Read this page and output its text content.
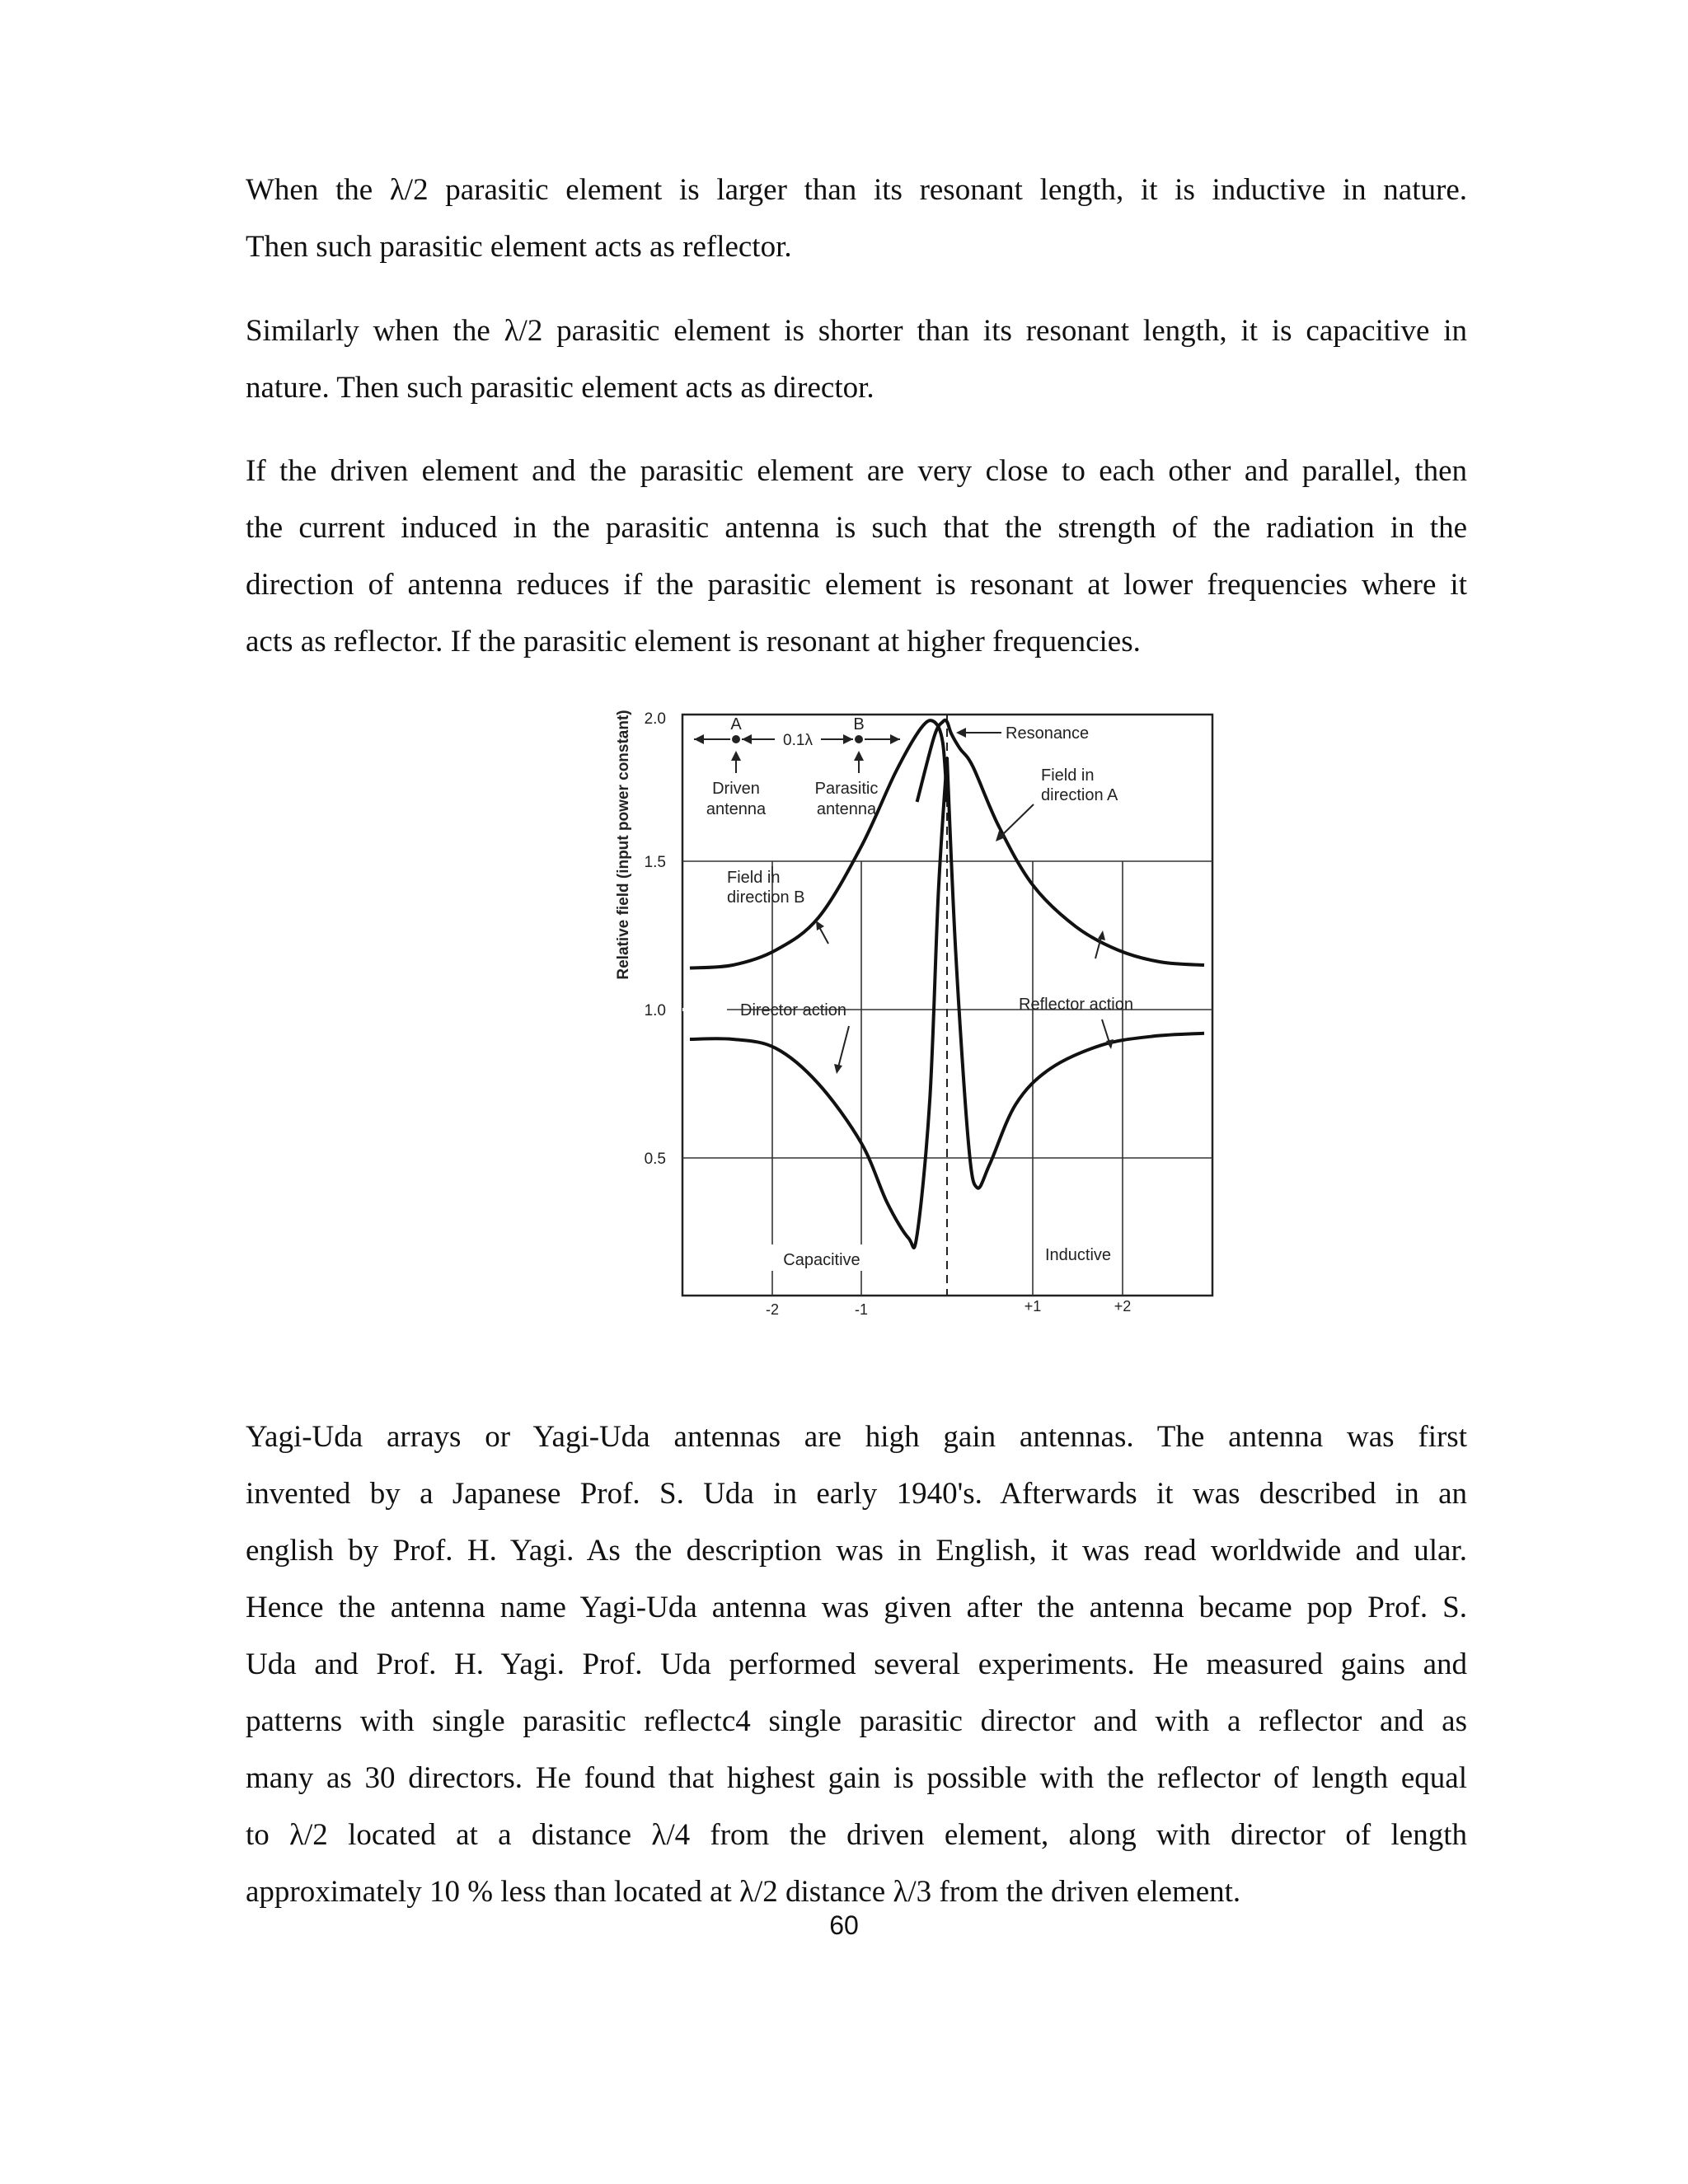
When the λ/2 parasitic element is larger than its resonant length, it is inductive in nature.
Then such parasitic element acts as reflector.
Similarly when the λ/2 parasitic element is shorter than its resonant length, it is capacitive in
nature. Then such parasitic element acts as director.
If the driven element and the parasitic element are very close to each other and parallel, then
the current induced in the parasitic antenna is such that the strength of the radiation in the
direction of antenna reduces if the parasitic element is resonant at lower frequencies where it
acts as reflector. If the parasitic element is resonant at higher frequencies.
Relative field (input power constant) 2.0
1.5
1.0
0.5
-2	-1	+1	+2
A	B
0.1λ
Driven
antenna
Parasitic
antenna
Resonance
Field in
direction A
Field in
direction B
Director action	Reflector action
Capacitive	Inductive
Yagi-Uda arrays or Yagi-Uda antennas are high gain antennas. The antenna was first
invented by a Japanese Prof. S. Uda in early 1940's. Afterwards it was described in an
english by Prof. H. Yagi. As the description was in English, it was read worldwide and ular.
Hence the antenna name Yagi-Uda antenna was given after the antenna became pop Prof. S.
Uda and Prof. H. Yagi. Prof. Uda performed several experiments. He measured gains and
patterns with single parasitic reflectc4 single parasitic director and with a reflector and as
many as 30 directors. He found that highest gain is possible with the reflector of length equal
to λ/2 located at a distance λ/4 from the driven element, along with director of length
approximately 10 % less than located at λ/2 distance λ/3 from the driven element.
60
